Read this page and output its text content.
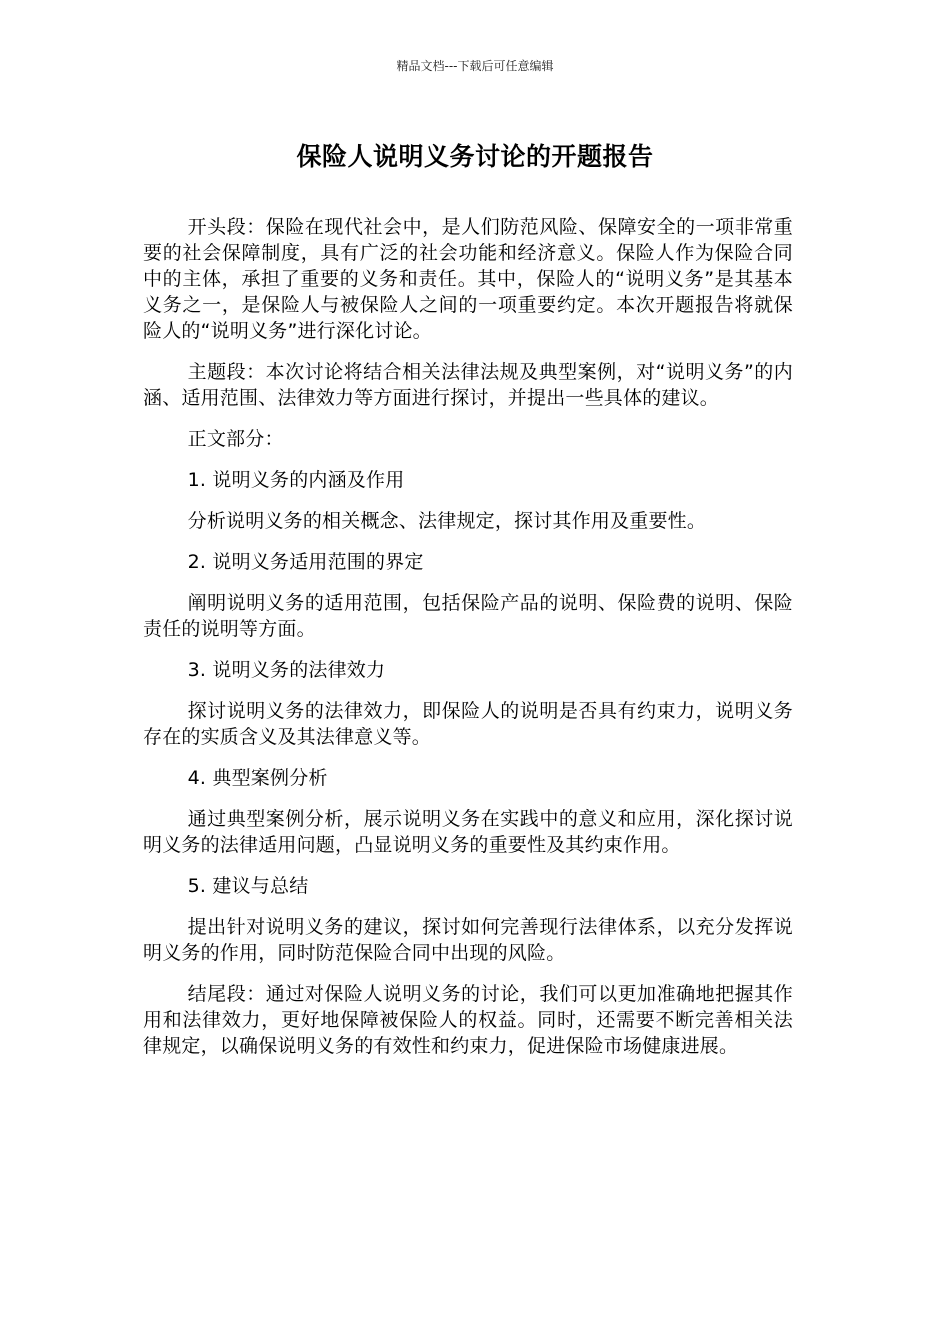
精品文档---下载后可任意编辑
保险人说明义务讨论的开题报告

开头段：保险在现代社会中，是人们防范风险、保障安全的一项非常重要的社会保障制度，具有广泛的社会功能和经济意义。保险人作为保险合同中的主体，承担了重要的义务和责任。其中，保险人的“说明义务”是其基本义务之一，是保险人与被保险人之间的一项重要约定。本次开题报告将就保险人的“说明义务”进行深化讨论。

主题段：本次讨论将结合相关法律法规及典型案例，对“说明义务”的内涵、适用范围、法律效力等方面进行探讨，并提出一些具体的建议。

正文部分：

1. 说明义务的内涵及作用

分析说明义务的相关概念、法律规定，探讨其作用及重要性。

2. 说明义务适用范围的界定

阐明说明义务的适用范围，包括保险产品的说明、保险费的说明、保险责任的说明等方面。

3. 说明义务的法律效力

探讨说明义务的法律效力，即保险人的说明是否具有约束力，说明义务存在的实质含义及其法律意义等。

4. 典型案例分析

通过典型案例分析，展示说明义务在实践中的意义和应用，深化探讨说明义务的法律适用问题，凸显说明义务的重要性及其约束作用。

5. 建议与总结

提出针对说明义务的建议，探讨如何完善现行法律体系，以充分发挥说明义务的作用，同时防范保险合同中出现的风险。

结尾段：通过对保险人说明义务的讨论，我们可以更加准确地把握其作用和法律效力，更好地保障被保险人的权益。同时，还需要不断完善相关法律规定，以确保说明义务的有效性和约束力，促进保险市场健康进展。
